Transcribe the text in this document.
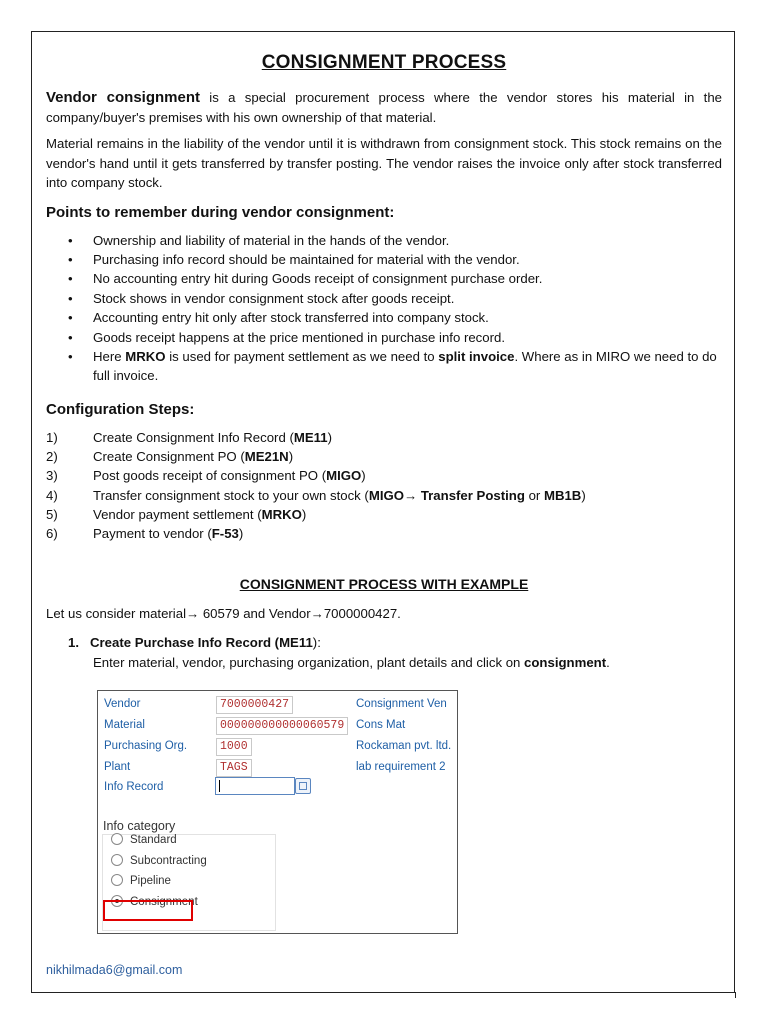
CONSIGNMENT PROCESS

Vendor consignment is a special procurement process where the vendor stores his material in the company/buyer's premises with his own ownership of that material.

Material remains in the liability of the vendor until it is withdrawn from consignment stock. This stock remains on the vendor's hand until it gets transferred by transfer posting. The vendor raises the invoice only after stock transferred into company stock.

Points to remember during vendor consignment:
• Ownership and liability of material in the hands of the vendor.
• Purchasing info record should be maintained for material with the vendor.
• No accounting entry hit during Goods receipt of consignment purchase order.
• Stock shows in vendor consignment stock after goods receipt.
• Accounting entry hit only after stock transferred into company stock.
• Goods receipt happens at the price mentioned in purchase info record.
• Here MRKO is used for payment settlement as we need to split invoice. Where as in MIRO we need to do full invoice.
Configuration Steps:
1)	Create Consignment Info Record (ME11)
2)	Create Consignment PO (ME21N)
3)	Post goods receipt of consignment PO (MIGO)
4)	Transfer consignment stock to your own stock (MIGO→ Transfer Posting or MB1B)
5)	Vendor payment settlement (MRKO)
6)	Payment to vendor (F-53)
CONSIGNMENT PROCESS WITH EXAMPLE

Let us consider material→ 60579 and Vendor→7000000427.

1. Create Purchase Info Record (ME11):
Enter material, vendor, purchasing organization, plant details and click on consignment.
Vendor	7000000427	Consignment Ven
Material	000000000000060579	Cons Mat
Purchasing Org.	1000	Rockaman pvt. ltd.
Plant	TAGS	lab requirement 2
Info Record
Info category
Standard
Subcontracting
Pipeline
Consignment
nikhilmada6@gmail.com
